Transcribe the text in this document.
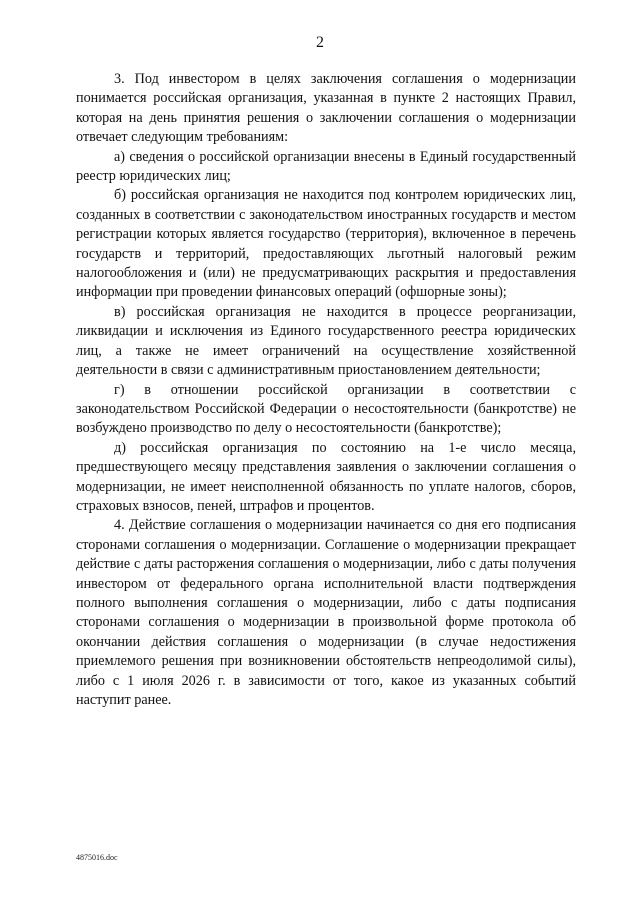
2

3. Под инвестором в целях заключения соглашения о модернизации понимается российская организация, указанная в пункте 2 настоящих Правил, которая на день принятия решения о заключении соглашения о модернизации отвечает следующим требованиям:

а) сведения о российской организации внесены в Единый государственный реестр юридических лиц;

б) российская организация не находится под контролем юридических лиц, созданных в соответствии с законодательством иностранных государств и местом регистрации которых является государство (территория), включенное в перечень государств и территорий, предоставляющих льготный налоговый режим налогообложения и (или) не предусматривающих раскрытия и предоставления информации при проведении финансовых операций (офшорные зоны);

в) российская организация не находится в процессе реорганизации, ликвидации и исключения из Единого государственного реестра юридических лиц, а также не имеет ограничений на осуществление хозяйственной деятельности в связи с административным приостановлением деятельности;

г) в отношении российской организации в соответствии с законодательством Российской Федерации о несостоятельности (банкротстве) не возбуждено производство по делу о несостоятельности (банкротстве);

д) российская организация по состоянию на 1-е число месяца, предшествующего месяцу представления заявления о заключении соглашения о модернизации, не имеет неисполненной обязанность по уплате налогов, сборов, страховых взносов, пеней, штрафов и процентов.

4. Действие соглашения о модернизации начинается со дня его подписания сторонами соглашения о модернизации. Соглашение о модернизации прекращает действие с даты расторжения соглашения о модернизации, либо с даты получения инвестором от федерального органа исполнительной власти подтверждения полного выполнения соглашения о модернизации, либо с даты подписания сторонами соглашения о модернизации в произвольной форме протокола об окончании действия соглашения о модернизации (в случае недостижения приемлемого решения при возникновении обстоятельств непреодолимой силы), либо с 1 июля 2026 г. в зависимости от того, какое из указанных событий наступит ранее.

4875016.doc
